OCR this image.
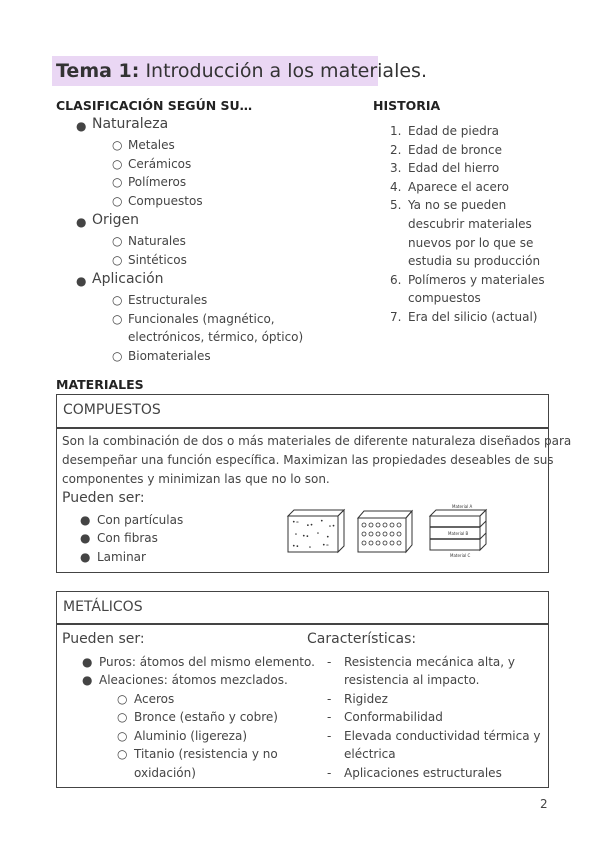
Tema 1: Introducción a los materiales.
CLASIFICACIÓN SEGÚN SU…
● Naturaleza
○ Metales
○ Cerámicos
○ Polímeros
○ Compuestos
● Origen
○ Naturales
○ Sintéticos
● Aplicación
○ Estructurales
○ Funcionales (magnético,
electrónicos, térmico, óptico)
○ Biomateriales
HISTORIA
1. Edad de piedra
2. Edad de bronce
3. Edad del hierro
4. Aparece el acero
5. Ya no se pueden
descubrir materiales
nuevos por lo que se
estudia su producción
6. Polímeros y materiales
compuestos
7. Era del silicio (actual)
MATERIALES
COMPUESTOS
Son la combinación de dos o más materiales de diferente naturaleza diseñados para
desempeñar una función específica. Maximizan las propiedades deseables de sus
componentes y minimizan las que no lo son.
Pueden ser:
● Con partículas
● Con fibras
● Laminar
•∘ ∙•
•
∘•
∘ •∙ ∘
•
•∙ ∘ •∘
Material A
Material B
Material C
METÁLICOS
Pueden ser:
● Puros: átomos del mismo elemento.
● Aleaciones: átomos mezclados.
○ Aceros
○ Bronce (estaño y cobre)
○ Aluminio (ligereza)
○ Titanio (resistencia y no
oxidación)
Características:
- Resistencia mecánica alta, y
resistencia al impacto.
- Rigidez
- Conformabilidad
- Elevada conductividad térmica y
eléctrica
- Aplicaciones estructurales
2
